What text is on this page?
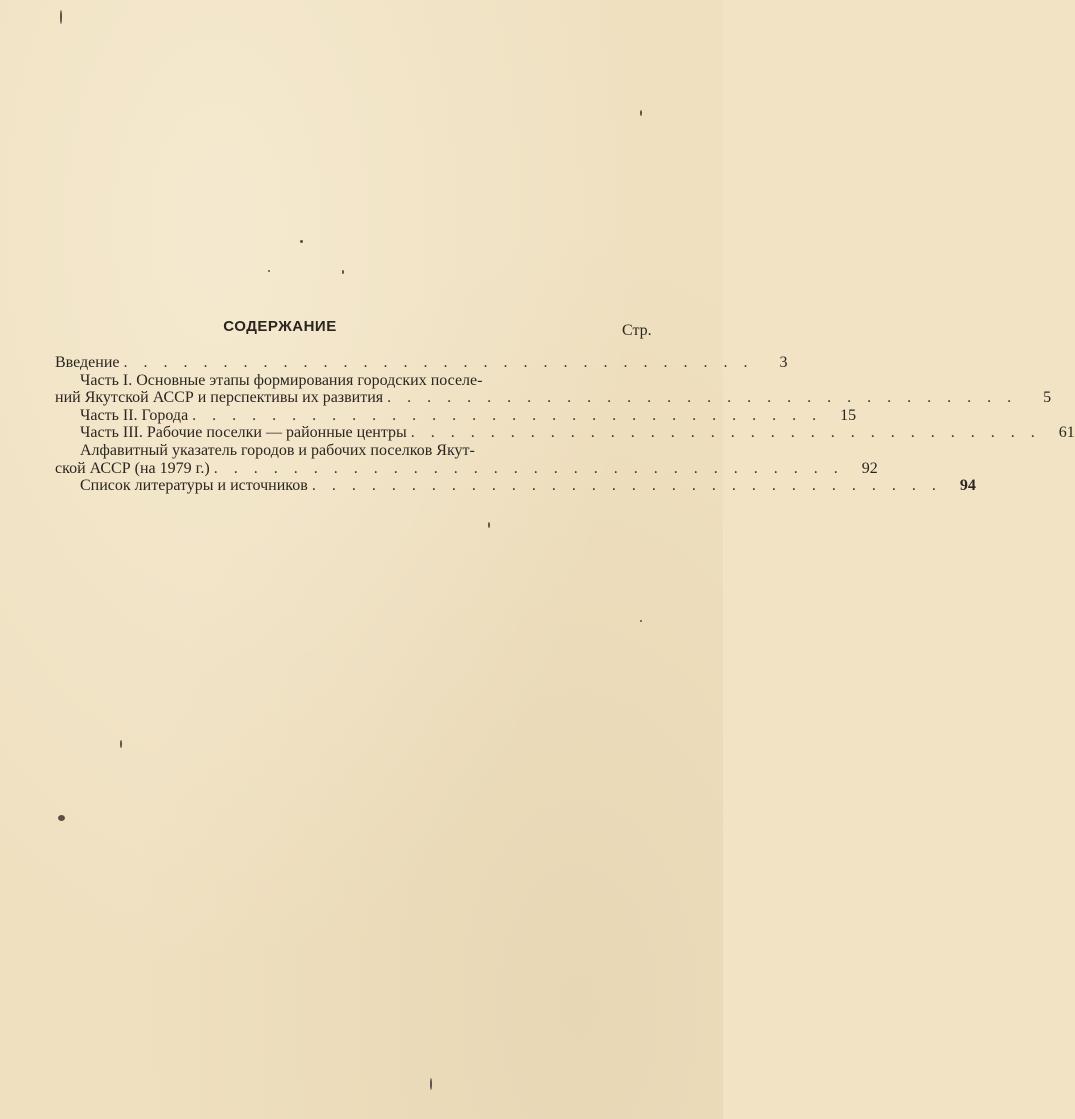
СОДЕРЖАНИЕ	Стр.
Введение . . . . . . . . . . . . . . . . . . . . . . . . . . . . . . . .	3
Часть I. Основные этапы формирования городских поселе-
ний Якутской АССР и перспективы их развития . . . . . . . . . . . . . . . . . . . . . . . . . . . . . . . .	5
Часть II. Города . . . . . . . . . . . . . . . . . . . . . . . . . . . . . . . .	15
Часть III. Рабочие поселки — районные центры . . . . . . . . . . . . . . . . . . . . . . . . . . . . . . . .	61
Алфавитный указатель городов и рабочих поселков Якут-
ской АССР (на 1979 г.) . . . . . . . . . . . . . . . . . . . . . . . . . . . . . . . .	92
Список литературы и источников . . . . . . . . . . . . . . . . . . . . . . . . . . . . . . . .	94
